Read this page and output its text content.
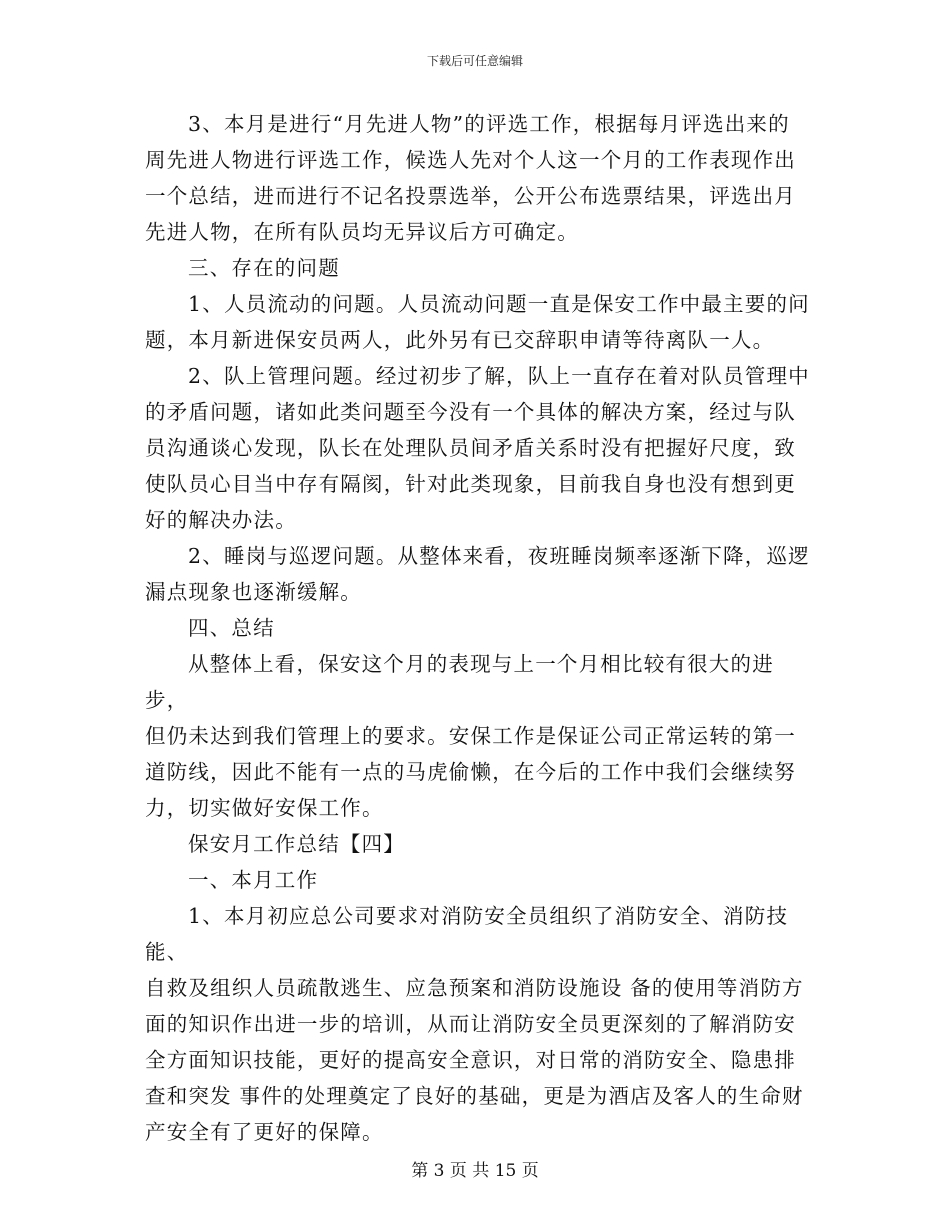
下载后可任意编辑

3、本月是进行“月先进人物”的评选工作，根据每月评选出来的

周先进人物进行评选工作，候选人先对个人这一个月的工作表现作出

一个总结，进而进行不记名投票选举，公开公布选票结果，评选出月

先进人物，在所有队员均无异议后方可确定。

三、存在的问题

1、人员流动的问题。人员流动问题一直是保安工作中最主要的问

题，本月新进保安员两人，此外另有已交辞职申请等待离队一人。

2、队上管理问题。经过初步了解，队上一直存在着对队员管理中

的矛盾问题，诸如此类问题至今没有一个具体的解决方案，经过与队

员沟通谈心发现，队长在处理队员间矛盾关系时没有把握好尺度，致

使队员心目当中存有隔阂，针对此类现象，目前我自身也没有想到更

好的解决办法。

2、睡岗与巡逻问题。从整体来看，夜班睡岗频率逐渐下降，巡逻

漏点现象也逐渐缓解。

四、总结

从整体上看，保安这个月的表现与上一个月相比较有很大的进步，

但仍未达到我们管理上的要求。安保工作是保证公司正常运转的第一

道防线，因此不能有一点的马虎偷懒，在今后的工作中我们会继续努

力，切实做好安保工作。

保安月工作总结【四】

一、本月工作

1、本月初应总公司要求对消防安全员组织了消防安全、消防技能、

自救及组织人员疏散逃生、应急预案和消防设施设 备的使用等消防方

面的知识作出进一步的培训，从而让消防安全员更深刻的了解消防安

全方面知识技能，更好的提高安全意识，对日常的消防安全、隐患排

查和突发 事件的处理奠定了良好的基础，更是为酒店及客人的生命财

产安全有了更好的保障。

第 3 页 共 15 页
